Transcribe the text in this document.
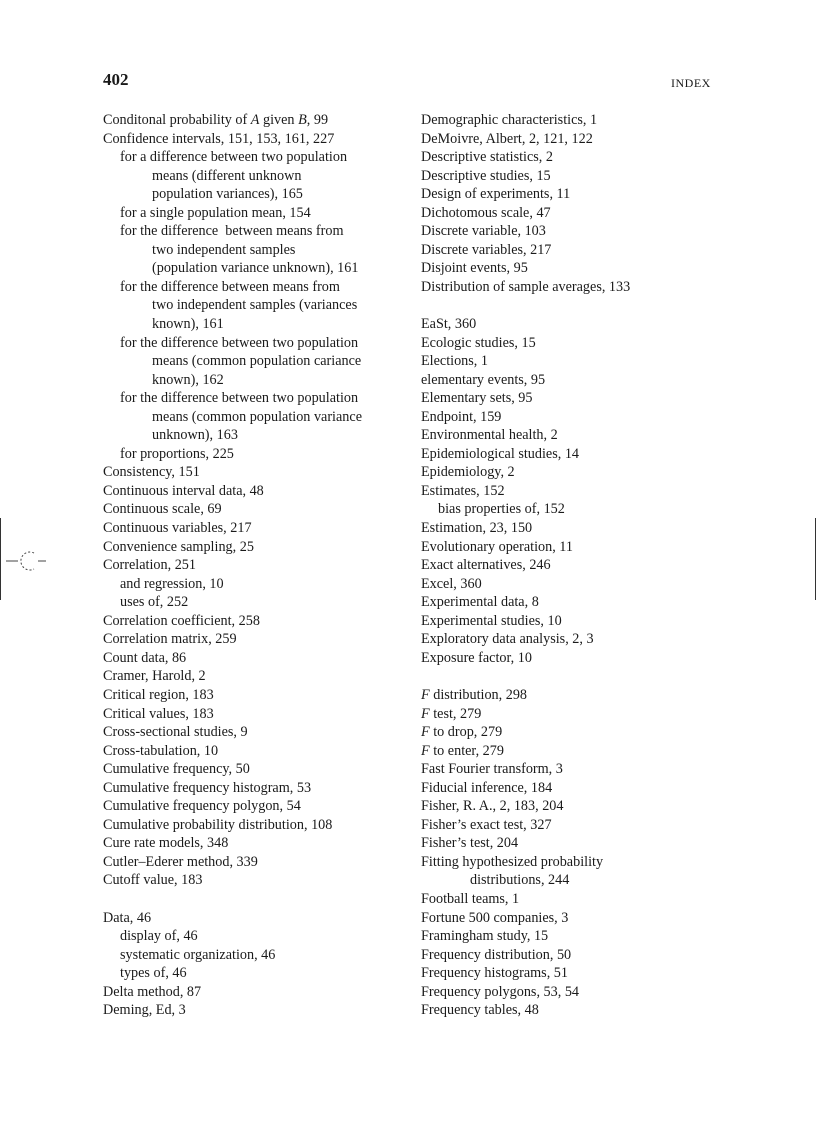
402	INDEX
Conditonal probability of A given B, 99
Confidence intervals, 151, 153, 161, 227
for a difference between two population
means (different unknown
population variances), 165
for a single population mean, 154
for the difference  between means from
two independent samples
(population variance unknown), 161
for the difference between means from
two independent samples (variances
known), 161
for the difference between two population
means (common population cariance
known), 162
for the difference between two population
means (common population variance
unknown), 163
for proportions, 225
Consistency, 151
Continuous interval data, 48
Continuous scale, 69
Continuous variables, 217
Convenience sampling, 25
Correlation, 251
and regression, 10
uses of, 252
Correlation coefficient, 258
Correlation matrix, 259
Count data, 86
Cramer, Harold, 2
Critical region, 183
Critical values, 183
Cross-sectional studies, 9
Cross-tabulation, 10
Cumulative frequency, 50
Cumulative frequency histogram, 53
Cumulative frequency polygon, 54
Cumulative probability distribution, 108
Cure rate models, 348
Cutler–Ederer method, 339
Cutoff value, 183
Data, 46
display of, 46
systematic organization, 46
types of, 46
Delta method, 87
Deming, Ed, 3
Demographic characteristics, 1
DeMoivre, Albert, 2, 121, 122
Descriptive statistics, 2
Descriptive studies, 15
Design of experiments, 11
Dichotomous scale, 47
Discrete variable, 103
Discrete variables, 217
Disjoint events, 95
Distribution of sample averages, 133
EaSt, 360
Ecologic studies, 15
Elections, 1
elementary events, 95
Elementary sets, 95
Endpoint, 159
Environmental health, 2
Epidemiological studies, 14
Epidemiology, 2
Estimates, 152
bias properties of, 152
Estimation, 23, 150
Evolutionary operation, 11
Exact alternatives, 246
Excel, 360
Experimental data, 8
Experimental studies, 10
Exploratory data analysis, 2, 3
Exposure factor, 10
F distribution, 298
F test, 279
F to drop, 279
F to enter, 279
Fast Fourier transform, 3
Fiducial inference, 184
Fisher, R. A., 2, 183, 204
Fisher’s exact test, 327
Fisher’s test, 204
Fitting hypothesized probability
distributions, 244
Football teams, 1
Fortune 500 companies, 3
Framingham study, 15
Frequency distribution, 50
Frequency histograms, 51
Frequency polygons, 53, 54
Frequency tables, 48
